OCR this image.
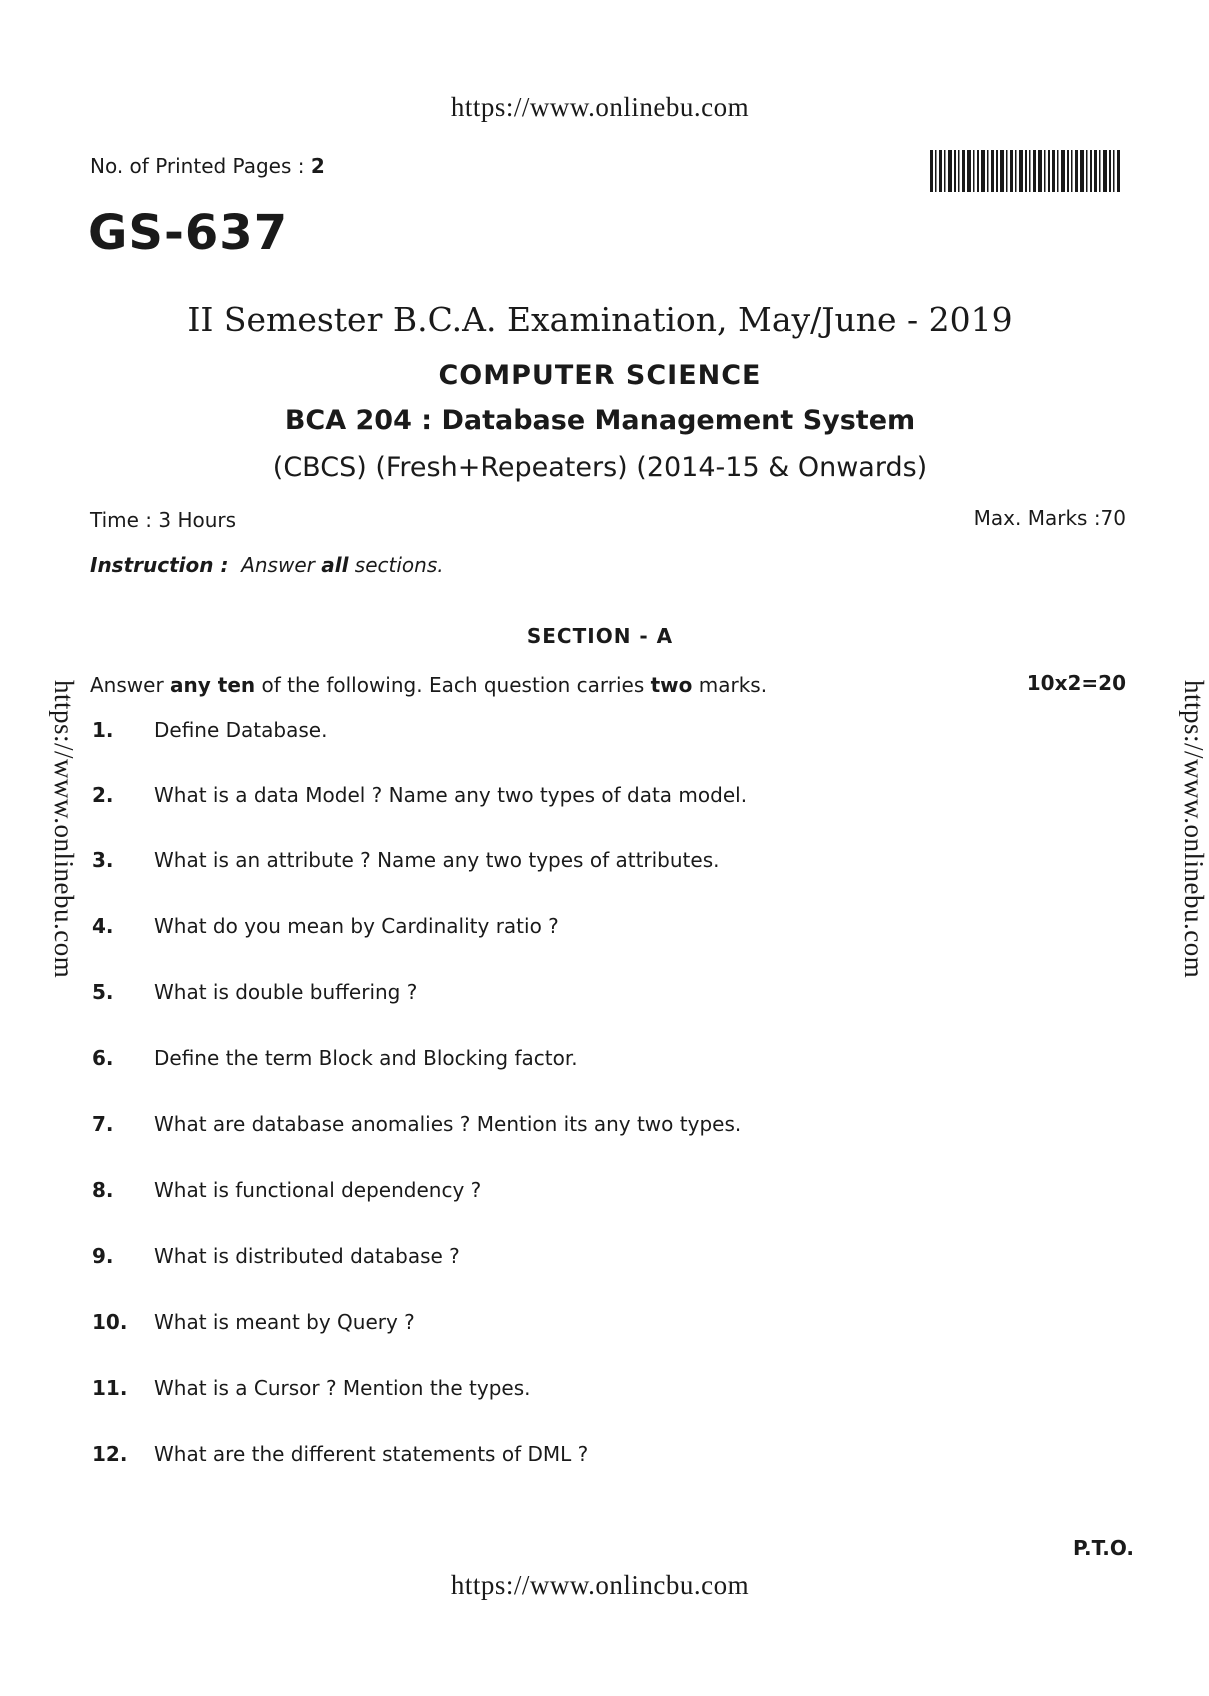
https://www.onlinebu.com
https://www.onlinebu.com	https://www.onlinebu.com
No. of Printed Pages : 2
GS-637
II Semester B.C.A. Examination, May/June - 2019
COMPUTER SCIENCE
BCA 204 : Database Management System
(CBCS) (Fresh+Repeaters) (2014-15 & Onwards)
Time : 3 Hours	Max. Marks :70
Instruction : Answer all sections.
SECTION - A
Answer any ten of the following. Each question carries two marks.	10x2=20
1.	Define Database.
2.	What is a data Model ? Name any two types of data model.
3.	What is an attribute ? Name any two types of attributes.
4.	What do you mean by Cardinality ratio ?
5.	What is double buffering ?
6.	Define the term Block and Blocking factor.
7.	What are database anomalies ? Mention its any two types.
8.	What is functional dependency ?
9.	What is distributed database ?
10.	What is meant by Query ?
11.	What is a Cursor ? Mention the types.
12.	What are the different statements of DML ?
P.T.O.
https://www.onlincbu.com
